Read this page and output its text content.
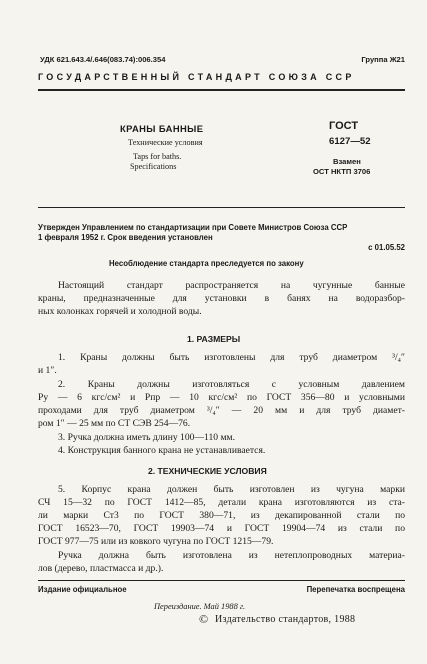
УДК 621.643.4/.646(083.74):006.354	Группа Ж21
ГОСУДАРСТВЕННЫЙ СТАНДАРТ СОЮЗА ССР
КРАНЫ БАННЫЕ
Технические условия
Taps for baths.
Specifications
ГОСТ
6127—52
Взамен
ОСТ НКТП 3706
Утвержден Управлением по стандартизации при Совете Министров Союза ССР
1 февраля 1952 г. Срок введения установлен
с 01.05.52
Несоблюдение стандарта преследуется по закону
Настоящий стандарт распространяется на чугунные банные
краны, предназначенные для установки в банях на водоразбор-
ных колонках горячей и холодной воды.
1. РАЗМЕРЫ
1. Краны должны быть изготовлены для труб диаметром ³/₄″
и 1″.
2. Краны должны изготовляться с условным давлением
Pу — 6 кгс/см² и Pпр — 10 кгс/см² по ГОСТ 356—80 и условными
проходами для труб диаметром ³/₄″ — 20 мм и для труб диамет-
ром 1″ — 25 мм по СТ СЭВ 254—76.
3. Ручка должна иметь длину 100—110 мм.
4. Конструкция банного крана не устанавливается.
2. ТЕХНИЧЕСКИЕ УСЛОВИЯ
5. Корпус крана должен быть изготовлен из чугуна марки
СЧ 15—32 по ГОСТ 1412—85, детали крана изготовляются из ста-
ли марки Ст3 по ГОСТ 380—71, из декапированной стали по
ГОСТ 16523—70, ГОСТ 19903—74 и ГОСТ 19904—74 из стали по
ГОСТ 977—75 или из ковкого чугуна по ГОСТ 1215—79.
Ручка должна быть изготовлена из нетеплопроводных материа-
лов (дерево, пластмасса и др.).
Издание официальное	Перепечатка воспрещена
Переиздание. Май 1988 г.
© Издательство стандартов, 1988
